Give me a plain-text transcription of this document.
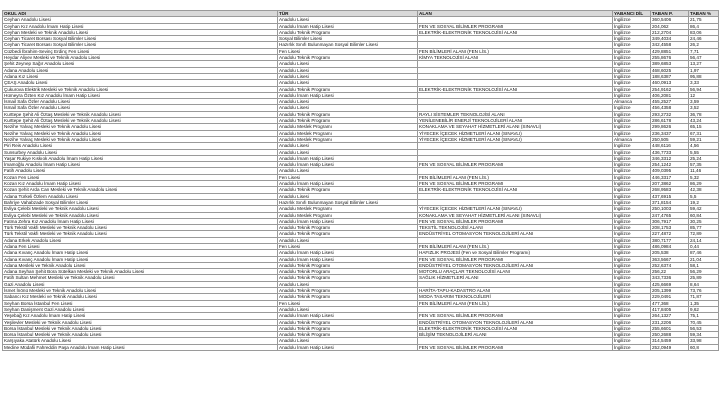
OKUL ADI	TÜR	ALAN	YABANCI DİL	TABAN P.	TABAN %
Ceyhan Anadolu Lisesi	Anadolu Lisesi		İngilizce	360,5406	21,75
Ceyhan Kız Anadolu İmam Hatip Lisesi	Anadolu İmam Hatip Lisesi	FEN VE SOSYAL BİLİMLER PROGRAMI	İngilizce	204,062	86,4
Ceyhan Mesleki ve Teknik Anadolu Lisesi	Anadolu Teknik Programı	ELEKTRİK-ELEKTRONİK TEKNOLOJİSİ ALANI	İngilizce	212,2704	83,06
Ceyhan Ticaret Borsası Sosyal Bilimler Lisesi	Sosyal Bilimler Lisesi		İngilizce	349,4034	24,46
Ceyhan Ticaret Borsası Sosyal Bilimler Lisesi	Hazırlık Sınıfı Bulunmayan Sosyal Bilimler Lisesi		İngilizce	342,4558	26,2
Cüzbedi İbrahim-Sevinç Erdinç Fen Lisesi	Fen Lisesi	FEN BİLİMLERİ ALANI (FEN LİS.)	İngilizce	429,8851	7,71
Heydar Aliyev Mesleki ve Teknik Anadolu Lisesi	Anadolu Teknik Programı	KİMYA TEKNOLOJİSİ ALANI	İngilizce	255,8676	56,47
Şehit Zeynep Sağır Anadolu Lisesi	Anadolu Lisesi		İngilizce	389,6853	13,27
Adana Anadolu Lisesi	Anadolu Lisesi		İngilizce	468,6025	1,97
Adana Kız Lisesi	Anadolu Lisesi		İngilizce	188,6387	95,88
ÇEAŞ Anadolu Lisesi	Anadolu Lisesi		İngilizce	460,0913	3,33
Çukurova Elektrik Mesleki ve Teknik Anadolu Lisesi	Anadolu Teknik Programı	ELEKTRİK-ELEKTRONİK TEKNOLOJİSİ ALANI	İngilizce	254,9162	56,94
Hümeyra Özten Kız Anadolu İmam Hatip Lisesi	Anadolu İmam Hatip Lisesi		İngilizce	406,2081	12
İsmail Safa Özler Anadolu Lisesi	Anadolu Lisesi		Almanca	455,2527	3,59
İsmail Safa Özler Anadolu Lisesi	Anadolu Lisesi		İngilizce	456,4358	3,52
Kurttepe Şehit Ali Öztaş Mesleki ve Teknik Anadolu Lisesi	Anadolu Teknik Programı	RAYLI SİSTEMLER TEKNOLOJİSİ ALANI	İngilizce	293,2732	36,78
Kurttepe Şehit Ali Öztaş Mesleki ve Teknik Anadolu Lisesi	Anadolu Teknik Programı	YENİLENEBİLİR ENERJİ TEKNOLOJİLERİ ALANI	İngilizce	286,6178	43,24
Nezihe Yalvaç Mesleki ve Teknik Anadolu Lisesi	Anadolu Meslek Programı	KONAKLAMA VE SEYAHAT HİZMETLERİ ALANI (SINAVLI)	İngilizce	299,8626	65,15
Nezihe Yalvaç Mesleki ve Teknik Anadolu Lisesi	Anadolu Meslek Programı	YİYECEK İÇECEK HİZMETLERİ ALANI (SINAVLI)	İngilizce	236,3437	67,31
Nezihe Yalvaç Mesleki ve Teknik Anadolu Lisesi	Anadolu Meslek Programı	YİYECEK İÇECEK HİZMETLERİ ALANI (SINAVLI)	Almanca	250,505	59,21
Piri Reis Anadolu Lisesi	Anadolu Lisesi		İngilizce	448,6116	4,56
Sunsurbey Anadolu Lisesi	Anadolu Lisesi		İngilizce	436,7733	5,55
Yaşar Rukiye Kıskıok Anadolu İmam Hatip Lisesi	Anadolu İmam Hatip Lisesi		İngilizce	346,3312	25,24
İmamoğlu Anadolu İmam Hatip Lisesi	Anadolu İmam Hatip Lisesi	FEN VE SOSYAL BİLİMLER PROGRAMI	İngilizce	254,1242	57,35
Fatih Anadolu Lisesi	Anadolu Lisesi		İngilizce	409,0395	11,46
Kozan Fen Lisesi	Fen Lisesi	FEN BİLİMLERİ ALANI (FEN LİS.)	İngilizce	446,3317	5,32
Kozan Kız Anadolu İmam Hatip Lisesi	Anadolu İmam Hatip Lisesi	FEN VE SOSYAL BİLİMLER PROGRAMI	İngilizce	207,3862	86,29
Kozan Şehit Arda Can Mesleki ve Teknik Anadolu Lisesi	Anadolu Teknik Programı	ELEKTRİK-ELEKTRONİK TEKNOLOJİSİ ALANI	İngilizce	268,9583	42,38
Adana Türkeli Özlem Anadolu Lisesi	Anadolu Lisesi		İngilizce	437,6915	5,5
Bahriye Vahabzade Sosyal Bilimler Lisesi	Hazırlık Sınıfı Bulunmayan Sosyal Bilimler Lisesi		İngilizce	371,8154	19,2
Evliya Çelebi Mesleki ve Teknik Anadolu Lisesi	Anadolu Meslek Programı	YİYECEK İÇECEK HİZMETLERİ ALANI (SINAVLI)	İngilizce	250,1003	59,42
Evliya Çelebi Mesleki ve Teknik Anadolu Lisesi	Anadolu Meslek Programı	KONAKLAMA VE SEYAHAT HİZMETLERİ ALANI (SINAVLI)	İngilizce	247,4765	60,84
Fatma Zehra Kız Anadolu İmam Hatip Lisesi	Anadolu İmam Hatip Lisesi	FEN VE SOSYAL BİLİMLER PROGRAMI	İngilizce	306,7917	30,25
Türk Tekstil Vakfı Mesleki ve Teknik Anadolu Lisesi	Anadolu Teknik Programı	TEKSTİL TEKNOLOJİSİ ALANI	İngilizce	208,1753	85,77
Türk Tekstil Vakfı Mesleki ve Teknik Anadolu Lisesi	Anadolu Teknik Programı	ENDÜSTRİYEL OTOMASYON TEKNOLOJİLERİ ALANI	İngilizce	227,4872	72,89
Adana Erkek Anadolu Lisesi	Anadolu Lisesi		İngilizce	380,7177	24,14
Adana Fen Lisesi	Fen Lisesi	FEN BİLİMLERİ ALANI (FEN LİS.)	İngilizce	486,0984	0,44
Adana Kıvanç Anadolu İmam Hatip Lisesi	Anadolu İmam Hatip Lisesi	HAFIZLIK PROJESİ (Fen ve Sosyal Bilimler Programı)	İngilizce	205,538	87,46
Adana Kıvanç Anadolu İmam Hatip Lisesi	Anadolu İmam Hatip Lisesi	FEN VE SOSYAL BİLİMLER PROGRAMI	İngilizce	363,5667	21,04
Adana Mesleki ve Teknik Anadolu Lisesi	Anadolu Teknik Programı	ENDÜSTRİYEL OTOMASYON TEKNOLOJİLERİ ALANI	İngilizce	252,6374	58,1
Adana Seyhan Şehit Bora Sütelkan Mesleki ve Teknik Anadolu Lisesi	Anadolu Teknik Programı	MOTORLU ARAÇLAR TEKNOLOJİSİ ALANI	İngilizce	256,22	56,29
Fatih Sultan Mehmet Mesleki ve Teknik Anadolu Lisesi	Anadolu Teknik Programı	SAĞLIK HİZMETLERİ ALANI	İngilizce	343,7336	25,89
Gazi Anadolu Lisesi	Anadolu Lisesi		İngilizce	425,6669	8,64
İsmet İnönü Mesleki ve Teknik Anadolu Lisesi	Anadolu Teknik Programı	HARİTA-TAPU-KADASTRO ALANI	İngilizce	205,1399	73,76
Sabancı Kız Mesleki ve Teknik Anadolu Lisesi	Anadolu Teknik Programı	MODA TASARIM TEKNOLOJİLERİ	İngilizce	229,0491	71,87
Seyhan Borsa İstanbul Fen Lisesi	Fen Lisesi	FEN BİLİMLERİ ALANI (FEN LİS.)	İngilizce	477,368	1,35
Seyhan Danişment Gazi Anadolu Lisesi	Anadolu Lisesi		İngilizce	417,8405	9,62
Yeşebağ Kız Anadolu İmam Hatip Lisesi	Anadolu İmam Hatip Lisesi	FEN VE SOSYAL BİLİMLER PROGRAMI	İngilizce	264,1327	75,1
Yeşilevler Mesleki ve Teknik Anadolu Lisesi	Anadolu Teknik Programı	ENDÜSTRİYEL OTOMASYON TEKNOLOJİLERİ ALANI	İngilizce	231,2206	70,45
Borsa İstanbul Mesleki ve Teknik Anadolu Lisesi	Anadolu Teknik Programı	ELEKTRİK-ELEKTRONİK TEKNOLOJİSİ ALANI	İngilizce	255,6601	56,53
Borsa İstanbul Mesleki ve Teknik Anadolu Lisesi	Anadolu Teknik Programı	BİLİŞİM TEKNOLOJİLERİ ALANI	İngilizce	250,2688	59,34
Karşıyaka Atatürk Anadolu Lisesi	Anadolu Lisesi		İngilizce	314,5459	33,98
Medine Müdafii Fahreddin Paşa Anadolu İmam Hatip Lisesi	Anadolu İmam Hatip Lisesi	FEN VE SOSYAL BİLİMLER PROGRAMI	İngilizce	252,0949	60,8
